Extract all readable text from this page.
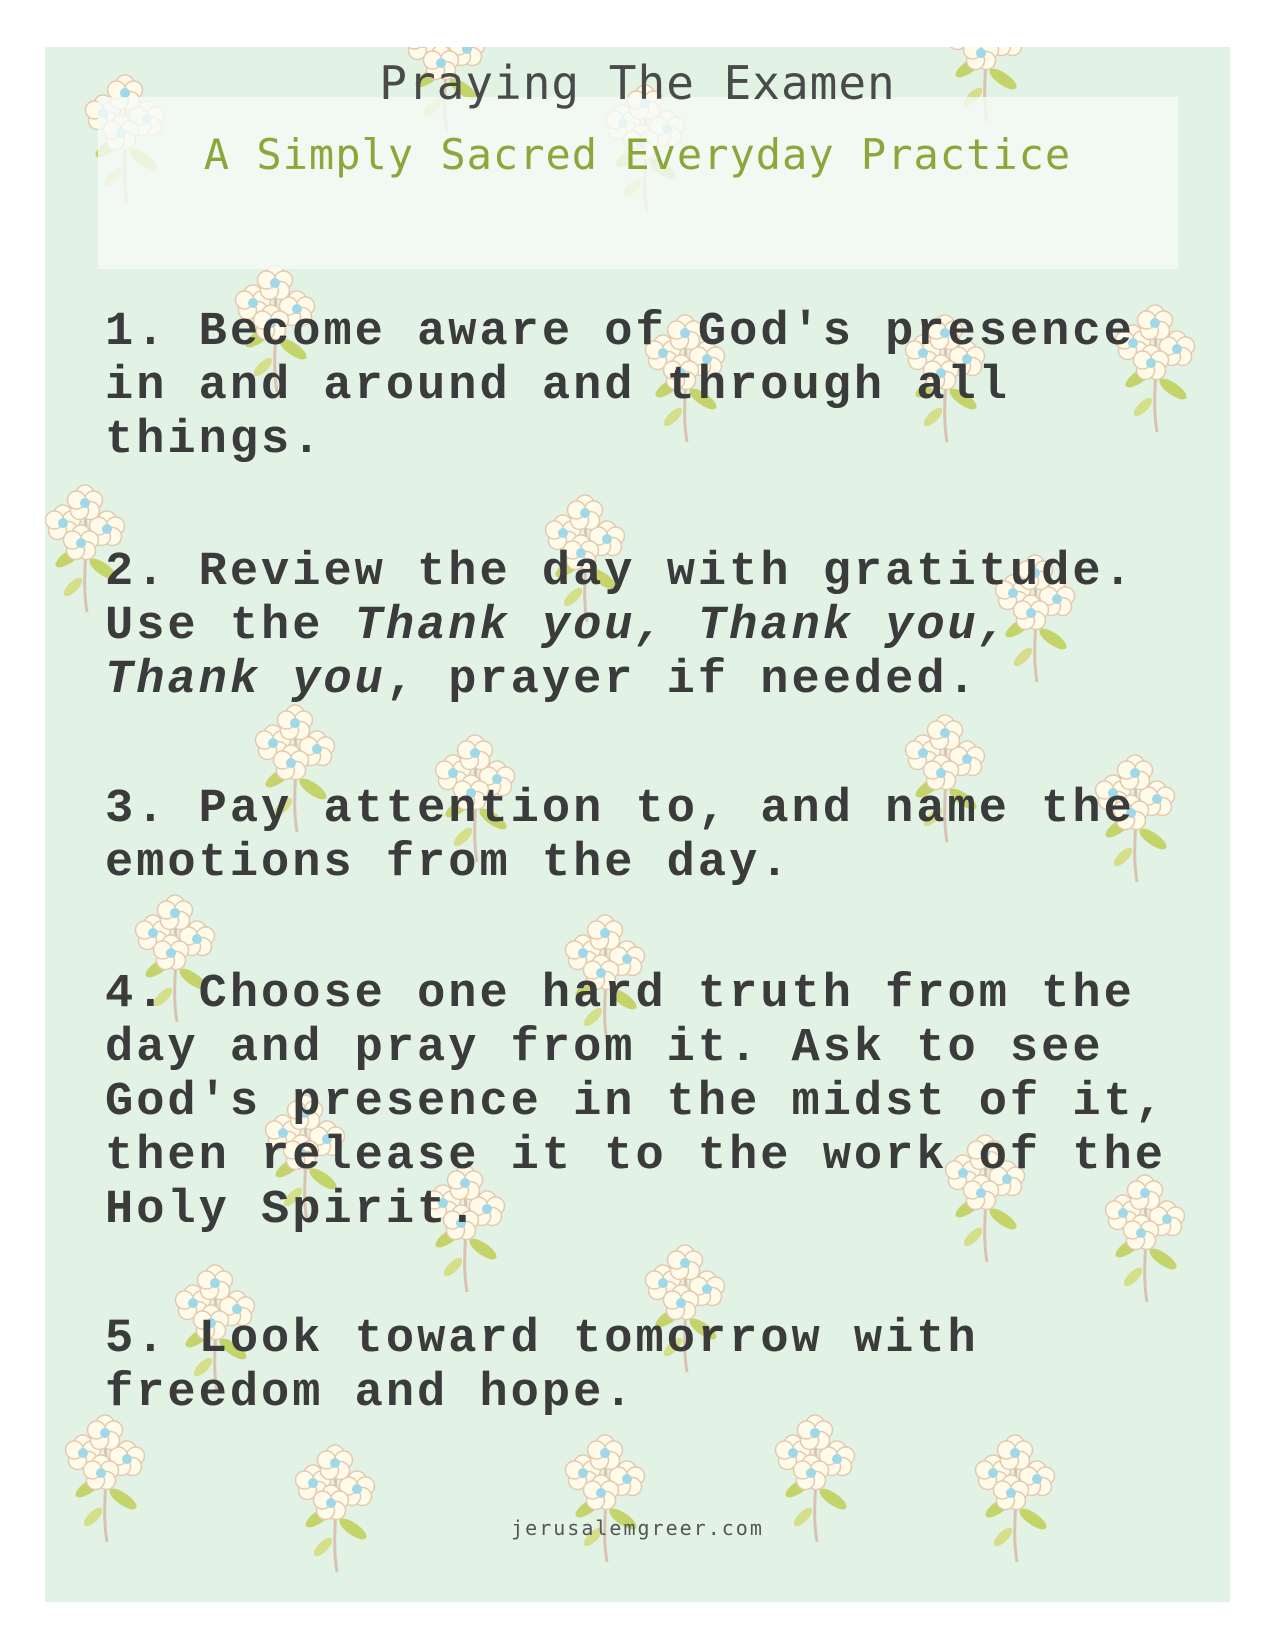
Praying The Examen
A Simply Sacred Everyday Practice
1. Become aware of God's presence in and around and through all things.
2. Review the day with gratitude. Use the Thank you, Thank you, Thank you, prayer if needed.
3. Pay attention to, and name the emotions from the day.
4. Choose one hard truth from the day and pray from it. Ask to see God's presence in the midst of it, then release it to the work of the Holy Spirit.
5. Look toward tomorrow with freedom and hope.
jerusalemgreer.com
